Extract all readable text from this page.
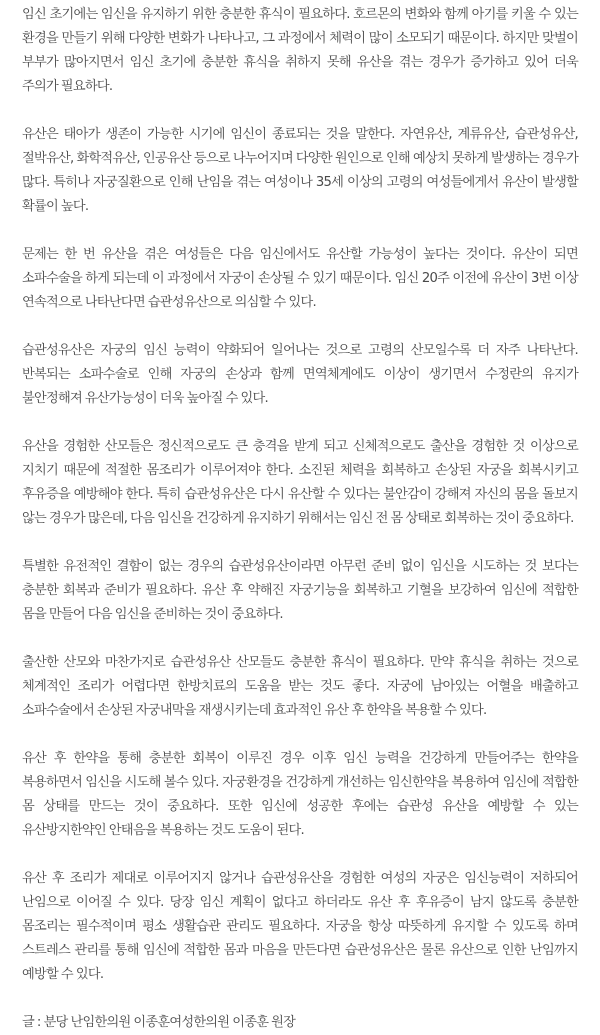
임신 초기에는 임신을 유지하기 위한 충분한 휴식이 필요하다. 호르몬의 변화와 함께 아기를 키울 수 있는 환경을 만들기 위해 다양한 변화가 나타나고, 그 과정에서 체력이 많이 소모되기 때문이다. 하지만 맞벌이 부부가 많아지면서 임신 초기에 충분한 휴식을 취하지 못해 유산을 겪는 경우가 증가하고 있어 더욱 주의가 필요하다.

유산은 태아가 생존이 가능한 시기에 임신이 종료되는 것을 말한다. 자연유산, 계류유산, 습관성유산, 절박유산, 화학적유산, 인공유산 등으로 나누어지며 다양한 원인으로 인해 예상치 못하게 발생하는 경우가 많다. 특히나 자궁질환으로 인해 난임을 겪는 여성이나 35세 이상의 고령의 여성들에게서 유산이 발생할 확률이 높다.

문제는 한 번 유산을 겪은 여성들은 다음 임신에서도 유산할 가능성이 높다는 것이다. 유산이 되면 소파수술을 하게 되는데 이 과정에서 자궁이 손상될 수 있기 때문이다. 임신 20주 이전에 유산이 3번 이상 연속적으로 나타난다면 습관성유산으로 의심할 수 있다.

습관성유산은 자궁의 임신 능력이 약화되어 일어나는 것으로 고령의 산모일수록 더 자주 나타난다. 반복되는 소파수술로 인해 자궁의 손상과 함께 면역체계에도 이상이 생기면서 수정란의 유지가 불안정해져 유산가능성이 더욱 높아질 수 있다.

유산을 경험한 산모들은 정신적으로도 큰 충격을 받게 되고 신체적으로도 출산을 경험한 것 이상으로 지치기 때문에 적절한 몸조리가 이루어져야 한다. 소진된 체력을 회복하고 손상된 자궁을 회복시키고 후유증을 예방해야 한다. 특히 습관성유산은 다시 유산할 수 있다는 불안감이 강해져 자신의 몸을 돌보지 않는 경우가 많은데, 다음 임신을 건강하게 유지하기 위해서는 임신 전 몸 상태로 회복하는 것이 중요하다.

특별한 유전적인 결함이 없는 경우의 습관성유산이라면 아무런 준비 없이 임신을 시도하는 것 보다는 충분한 회복과 준비가 필요하다. 유산 후 약해진 자궁기능을 회복하고 기혈을 보강하여 임신에 적합한 몸을 만들어 다음 임신을 준비하는 것이 중요하다.

출산한 산모와 마찬가지로 습관성유산 산모들도 충분한 휴식이 필요하다. 만약 휴식을 취하는 것으로 체계적인 조리가 어렵다면 한방치료의 도움을 받는 것도 좋다. 자궁에 남아있는 어혈을 배출하고 소파수술에서 손상된 자궁내막을 재생시키는데 효과적인 유산 후 한약을 복용할 수 있다.

유산 후 한약을 통해 충분한 회복이 이루진 경우 이후 임신 능력을 건강하게 만들어주는 한약을 복용하면서 임신을 시도해 볼수 있다. 자궁환경을 건강하게 개선하는 임신한약을 복용하여 임신에 적합한 몸 상태를 만드는 것이 중요하다. 또한 임신에 성공한 후에는 습관성 유산을 예방할 수 있는 유산방지한약인 안태음을 복용하는 것도 도움이 된다.

유산 후 조리가 제대로 이루어지지 않거나 습관성유산을 경험한 여성의 자궁은 임신능력이 저하되어 난임으로 이어질 수 있다. 당장 임신 계획이 없다고 하더라도 유산 후 후유증이 남지 않도록 충분한 몸조리는 필수적이며 평소 생활습관 관리도 필요하다. 자궁을 항상 따뜻하게 유지할 수 있도록 하며 스트레스 관리를 통해 임신에 적합한 몸과 마음을 만든다면 습관성유산은 물론 유산으로 인한 난임까지 예방할 수 있다.

글 : 분당 난임한의원 이종훈여성한의원 이종훈 원장
